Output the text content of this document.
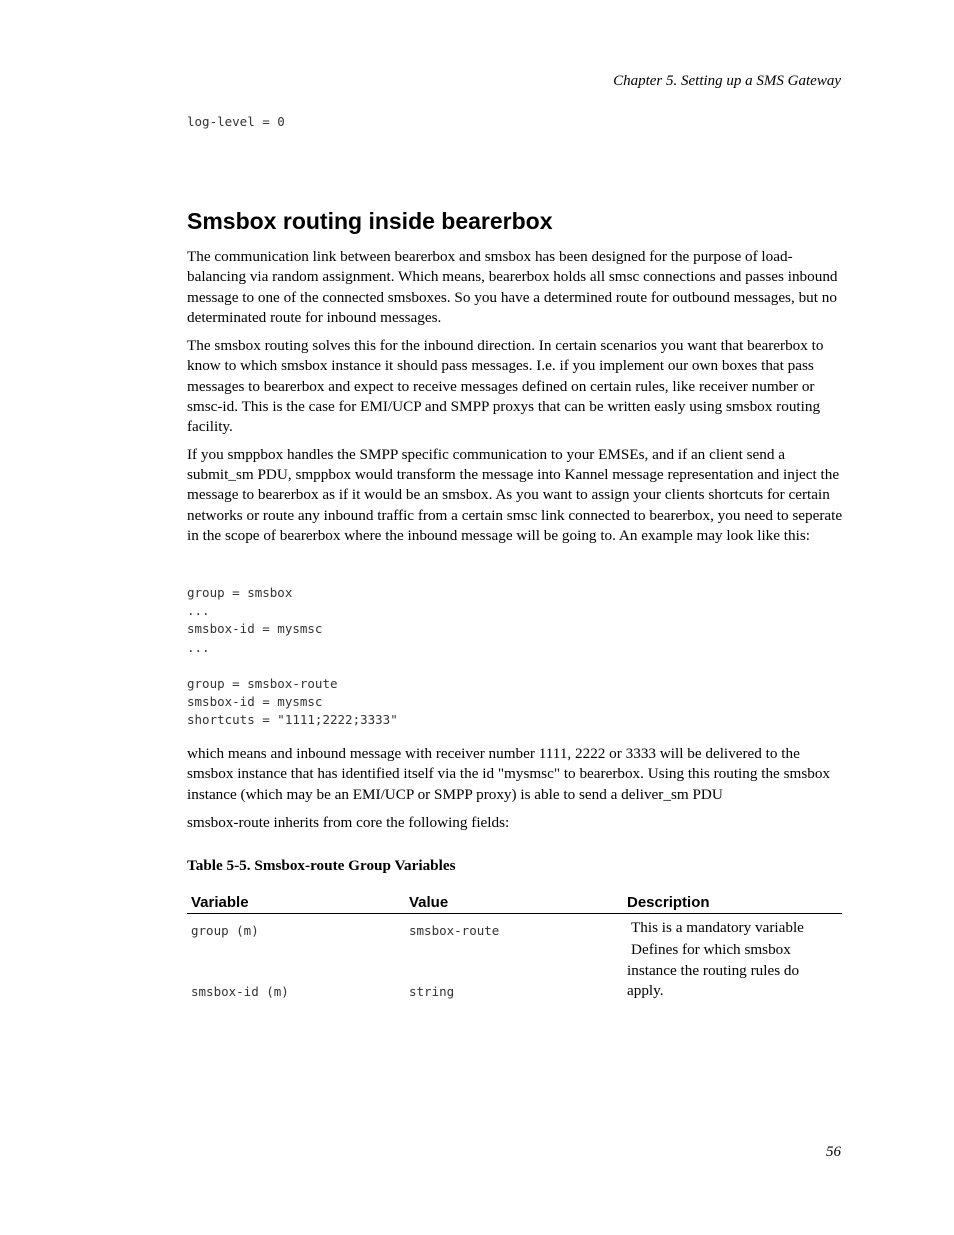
Chapter 5. Setting up a SMS Gateway
log-level = 0
Smsbox routing inside bearerbox

The communication link between bearerbox and smsbox has been designed for the purpose of load-balancing via random assignment. Which means, bearerbox holds all smsc connections and passes inbound message to one of the connected smsboxes. So you have a determined route for outbound messages, but no determinated route for inbound messages.

The smsbox routing solves this for the inbound direction. In certain scenarios you want that bearerbox to know to which smsbox instance it should pass messages. I.e. if you implement our own boxes that pass messages to bearerbox and expect to receive messages defined on certain rules, like receiver number or smsc-id. This is the case for EMI/UCP and SMPP proxys that can be written easly using smsbox routing facility.

If you smppbox handles the SMPP specific communication to your EMSEs, and if an client send a submit_sm PDU, smppbox would transform the message into Kannel message representation and inject the message to bearerbox as if it would be an smsbox. As you want to assign your clients shortcuts for certain networks or route any inbound traffic from a certain smsc link connected to bearerbox, you need to seperate in the scope of bearerbox where the inbound message will be going to. An example may look like this:

group = smsbox
...
smsbox-id = mysmsc
...

group = smsbox-route
smsbox-id = mysmsc
shortcuts = "1111;2222;3333"

which means and inbound message with receiver number 1111, 2222 or 3333 will be delivered to the smsbox instance that has identified itself via the id "mysmsc" to bearerbox. Using this routing the smsbox instance (which may be an EMI/UCP or SMPP proxy) is able to send a deliver_sm PDU

smsbox-route inherits from core the following fields:

Table 5-5. Smsbox-route Group Variables
Variable	Value	Description
group (m)	smsbox-route	This is a mandatory variable
smsbox-id (m)	string	Defines for which smsbox instance the routing rules do apply.
56
